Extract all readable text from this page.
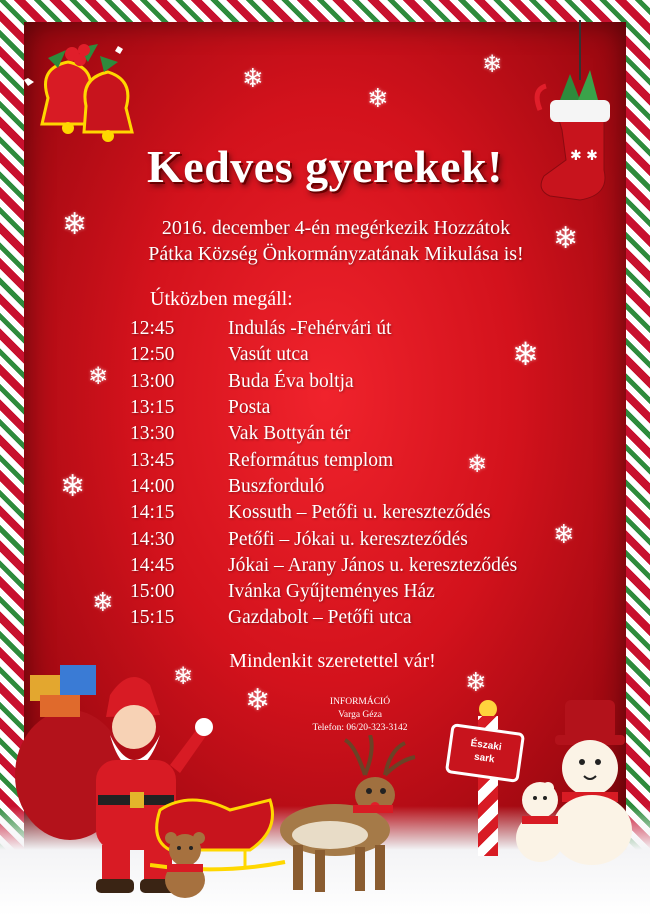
❄
❄
❄
❄	❄
❄
❄
❄
❄
❄
❄
❄
❄	❄
✱ ✱
Északi
sark
Kedves gyerekek!
2016. december 4-én megérkezik Hozzátok
Pátka Község Önkormányzatának Mikulása is!
Útközben megáll:
12:45	Indulás -Fehérvári út
12:50	Vasút utca
13:00	Buda Éva boltja
13:15	Posta
13:30	Vak Bottyán tér
13:45	Református templom
14:00	Buszforduló
14:15	Kossuth – Petőfi u. kereszteződés
14:30	Petőfi – Jókai u. kereszteződés
14:45	Jókai – Arany János u. kereszteződés
15:00	Ivánka Gyűjteményes Ház
15:15	Gazdabolt – Petőfi utca
Mindenkit szeretettel vár!
INFORMÁCIÓ
Varga Géza
Telefon: 06/20-323-3142
